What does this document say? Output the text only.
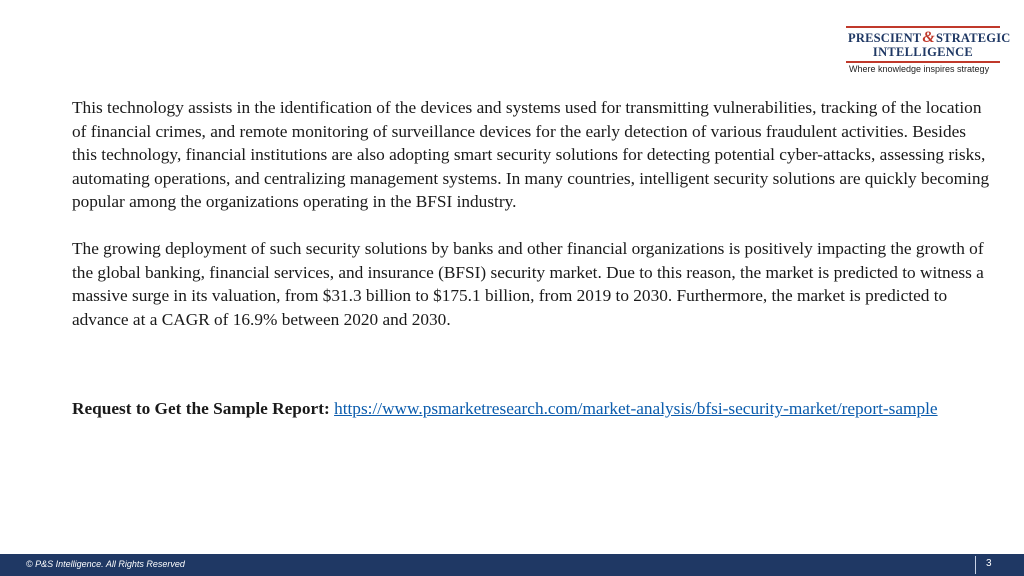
PRESCIENT&STRATEGIC
INTELLIGENCE
Where knowledge inspires strategy

This technology assists in the identification of the devices and systems used for transmitting vulnerabilities, tracking of the location of financial crimes, and remote monitoring of surveillance devices for the early detection of various fraudulent activities. Besides this technology, financial institutions are also adopting smart security solutions for detecting potential cyber-attacks, assessing risks, automating operations, and centralizing management systems. In many countries, intelligent security solutions are quickly becoming popular among the organizations operating in the BFSI industry.

The growing deployment of such security solutions by banks and other financial organizations is positively impacting the growth of the global banking, financial services, and insurance (BFSI) security market. Due to this reason, the market is predicted to witness a massive surge in its valuation, from $31.3 billion to $175.1 billion, from 2019 to 2030. Furthermore, the market is predicted to advance at a CAGR of 16.9% between 2020 and 2030.

Request to Get the Sample Report: https://www.psmarketresearch.com/market-analysis/bfsi-security-market/report-sample
© P&S Intelligence. All Rights Reserved	3
